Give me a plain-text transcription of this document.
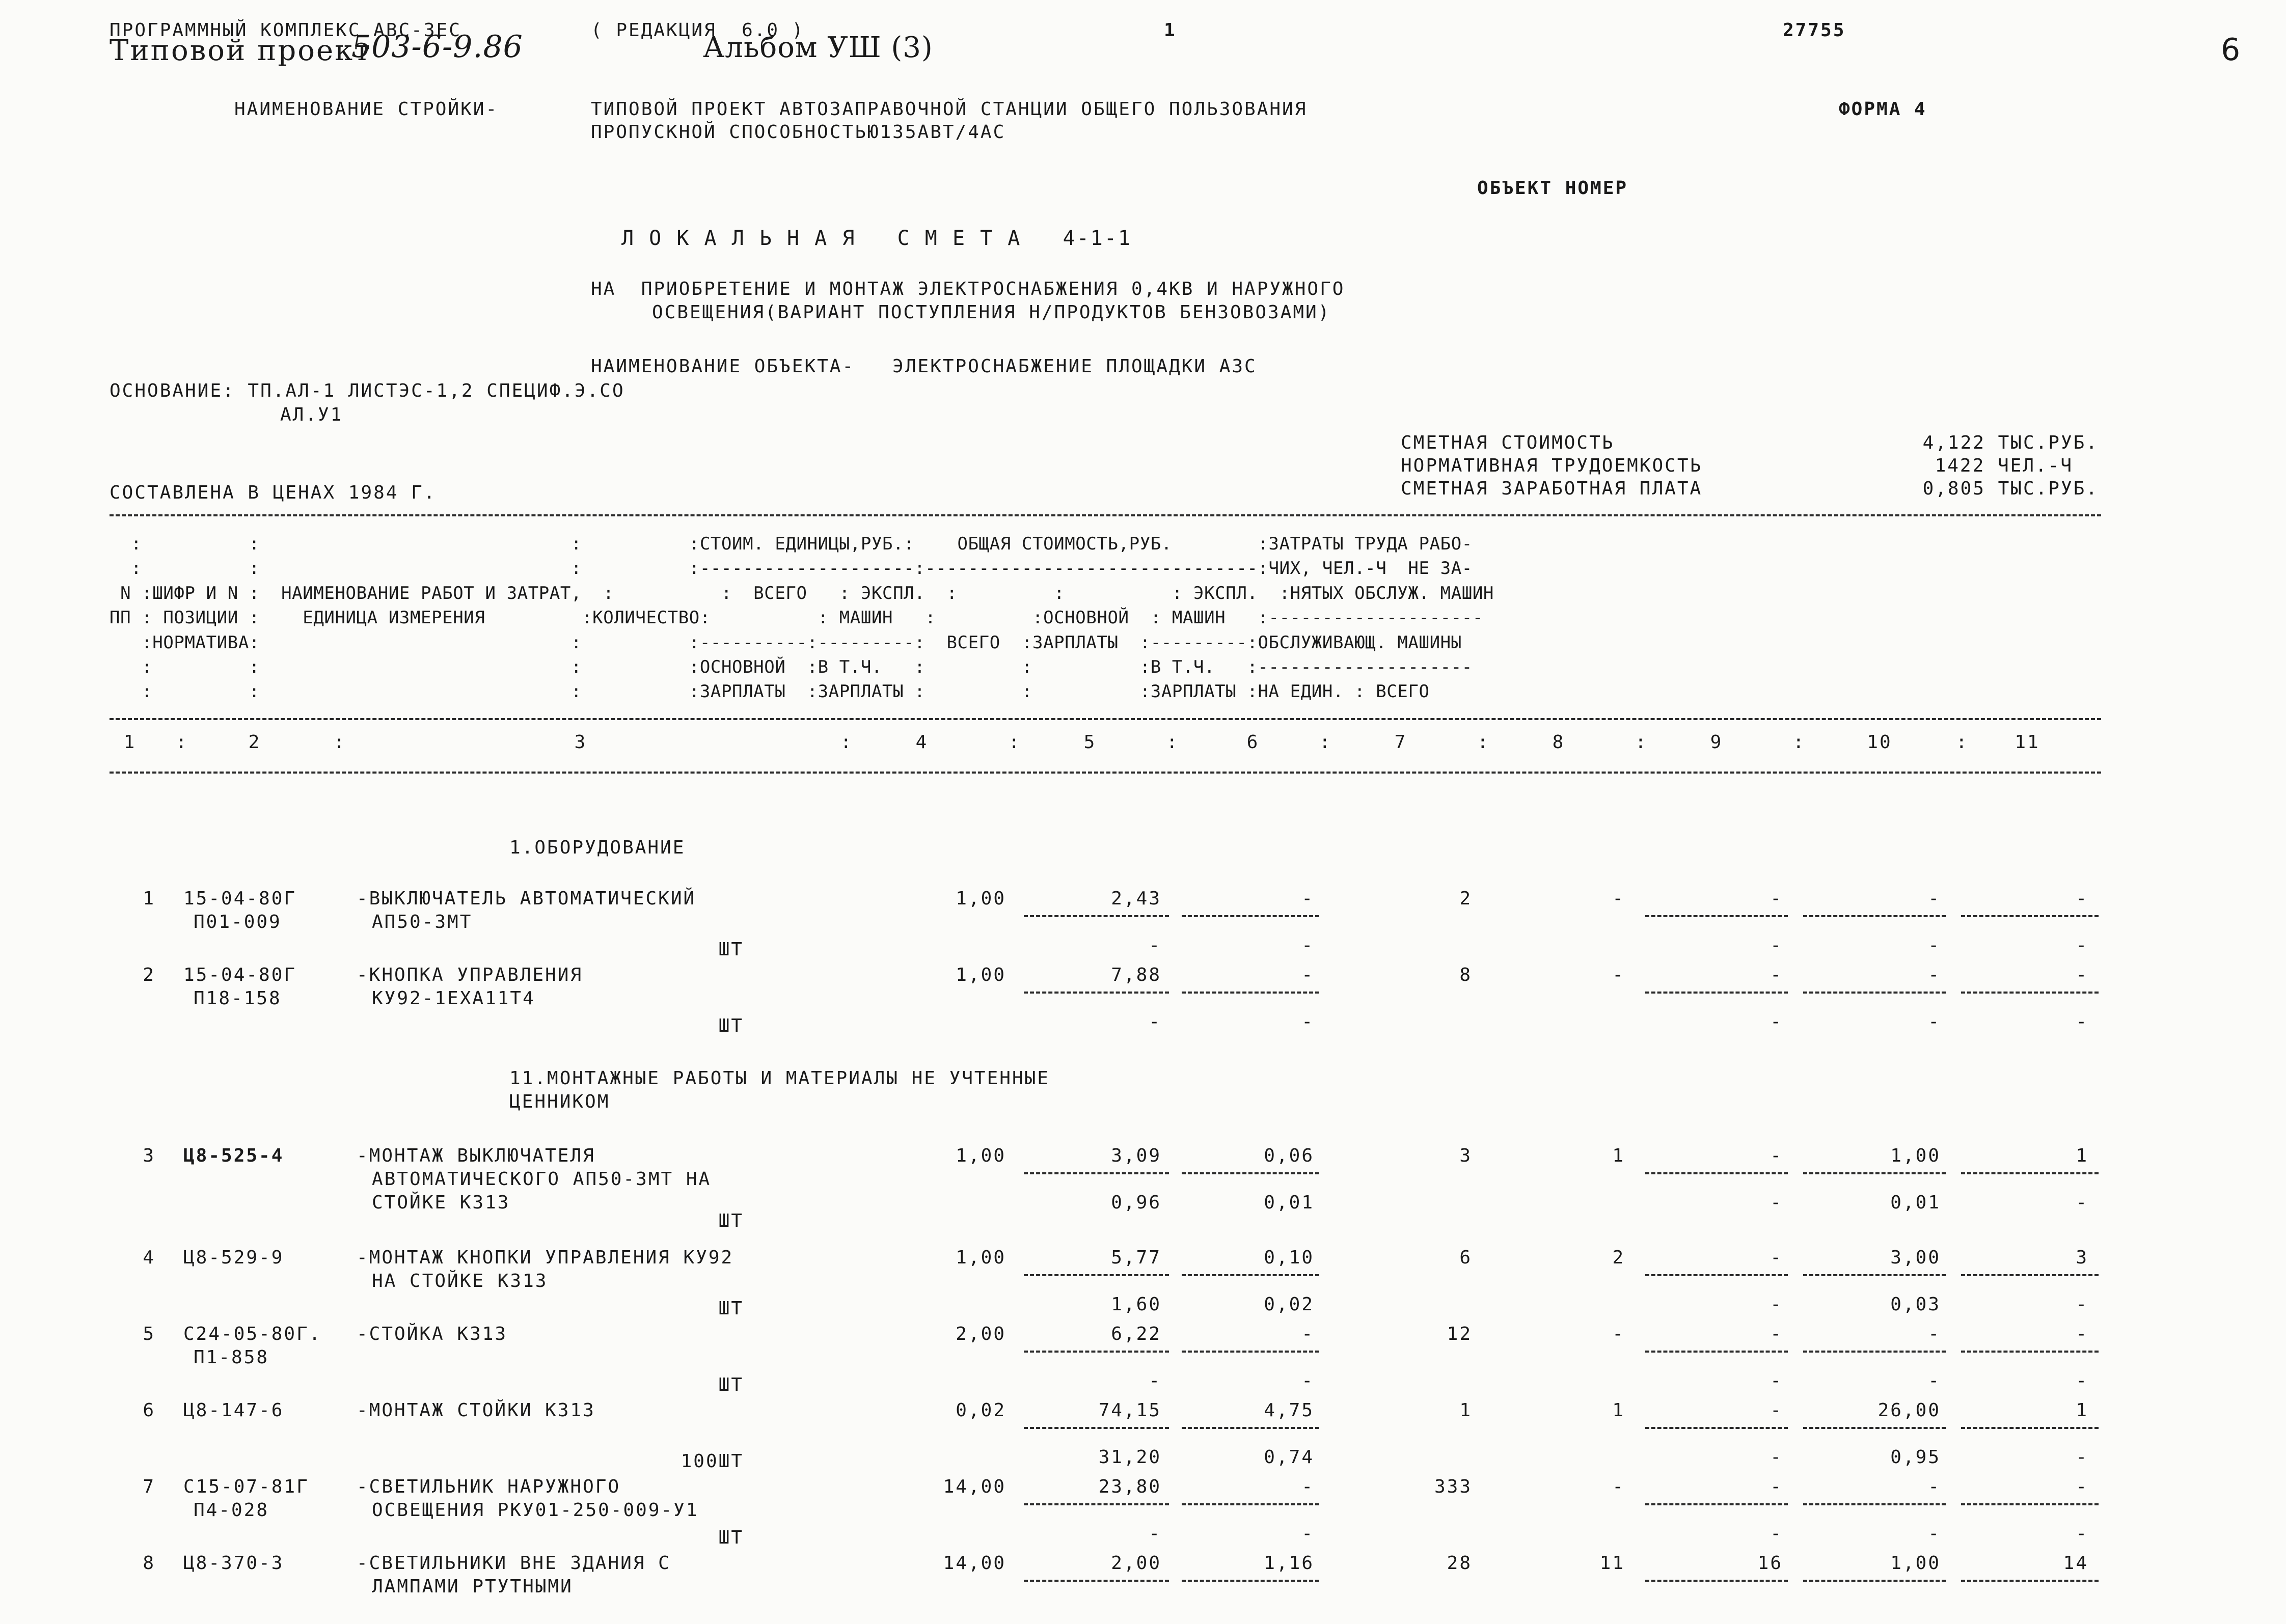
ПРОГРАММНЫЙ КОМПЛЕКС АВС-3ЕС	( РЕДАКЦИЯ  6.0 )	1	27755
6
Типовой проект
503-6-9.86	Альбом УШ (3)
НАИМЕНОВАНИЕ СТРОЙКИ-	ТИПОВОЙ ПРОЕКТ АВТОЗАПРАВОЧНОЙ СТАНЦИИ ОБЩЕГО ПОЛЬЗОВАНИЯ
ПРОПУСКНОЙ СПОСОБНОСТЬЮ135АВТ/4АС
ФОРМА 4
ОБЪЕКТ НОМЕР
Л О К А Л Ь Н А Я   С М Е Т А   4-1-1
НА  ПРИОБРЕТЕНИЕ И МОНТАЖ ЭЛЕКТРОСНАБЖЕНИЯ 0,4КВ И НАРУЖНОГО
ОСВЕЩЕНИЯ(ВАРИАНТ ПОСТУПЛЕНИЯ Н/ПРОДУКТОВ БЕНЗОВОЗАМИ)
НАИМЕНОВАНИЕ ОБЪЕКТА-   ЭЛЕКТРОСНАБЖЕНИЕ ПЛОЩАДКИ АЗС
ОСНОВАНИЕ: ТП.АЛ-1 ЛИСТЭС-1,2 СПЕЦИФ.Э.СО
АЛ.У1
СМЕТНАЯ СТОИМОСТЬ	4,122 ТЫС.РУБ.
НОРМАТИВНАЯ ТРУДОЕМКОСТЬ	1422 ЧЕЛ.-Ч
СМЕТНАЯ ЗАРАБОТНАЯ ПЛАТА	0,805 ТЫС.РУБ.
СОСТАВЛЕНА В ЦЕНАХ 1984 Г.
:          :                             :          :СТОИМ. ЕДИНИЦЫ,РУБ.:    ОБЩАЯ СТОИМОСТЬ,РУБ.        :ЗАТРАТЫ ТРУДА РАБО-
:          :                             :          :--------------------:-------------------------------:ЧИХ, ЧЕЛ.-Ч  НЕ ЗА-
N :ШИФР И N :  НАИМЕНОВАНИЕ РАБОТ И ЗАТРАТ,  :          :  ВСЕГО   : ЭКСПЛ.  :         :          : ЭКСПЛ.  :НЯТЫХ ОБСЛУЖ. МАШИН
ПП : ПОЗИЦИИ :    ЕДИНИЦА ИЗМЕРЕНИЯ         :КОЛИЧЕСТВО:          : МАШИН   :         :ОСНОВНОЙ  : МАШИН   :--------------------
:НОРМАТИВА:                             :          :----------:---------:  ВСЕГО  :ЗАРПЛАТЫ  :---------:ОБСЛУЖИВАЮЩ. МАШИНЫ
:         :                             :          :ОСНОВНОЙ  :В Т.Ч.   :         :          :В Т.Ч.   :--------------------
:         :                             :          :ЗАРПЛАТЫ  :ЗАРПЛАТЫ :         :          :ЗАРПЛАТЫ :НА ЕДИН. : ВСЕГО
1	2	3	4	5	6	7	8	9	10	11
:	:	:	:	:	:	:	:	:	:
1.ОБОРУДОВАНИЕ
1 15-04-80Г
П01-009
-ВЫКЛЮЧАТЕЛЬ АВТОМАТИЧЕСКИЙ
АП50-3МТ
ШТ
1,00	2,43	-	2	-	-	-	-
-	-	-	-	-
2 15-04-80Г
П18-158
-КНОПКА УПРАВЛЕНИЯ
КУ92-1ЕХА11Т4
ШТ
1,00	7,88	-	8	-	-	-	-
-	-	-	-	-
3 Ц8-525-4	-МОНТАЖ ВЫКЛЮЧАТЕЛЯ
АВТОМАТИЧЕСКОГО АП50-3МТ НА
СТОЙКЕ К313
ШТ
1,00	3,09	0,06	3	1	-	1,00	1
0,96	0,01	-	0,01	-
4 Ц8-529-9	-МОНТАЖ КНОПКИ УПРАВЛЕНИЯ КУ92
НА СТОЙКЕ К313
ШТ
1,00	5,77	0,10	6	2	-	3,00	3
1,60	0,02	-	0,03	-
5 С24-05-80Г.
П1-858
-СТОЙКА К313
ШТ
2,00	6,22	-	12	-	-	-	-
-	-	-	-	-
6 Ц8-147-6	-МОНТАЖ СТОЙКИ К313
100ШТ
0,02	74,15	4,75	1	1	-	26,00	1
31,20	0,74	-	0,95	-
7 С15-07-81Г
П4-028
-СВЕТИЛЬНИК НАРУЖНОГО
ОСВЕЩЕНИЯ РКУ01-250-009-У1
ШТ
14,00	23,80	-	333	-	-	-	-
-	-	-	-	-
8 Ц8-370-3	-СВЕТИЛЬНИКИ ВНЕ ЗДАНИЯ С
ЛАМПАМИ РТУТНЫМИ
14,00	2,00	1,16	28	11	16	1,00	14
11.МОНТАЖНЫЕ РАБОТЫ И МАТЕРИАЛЫ НЕ УЧТЕННЫЕ
ЦЕННИКОМ
